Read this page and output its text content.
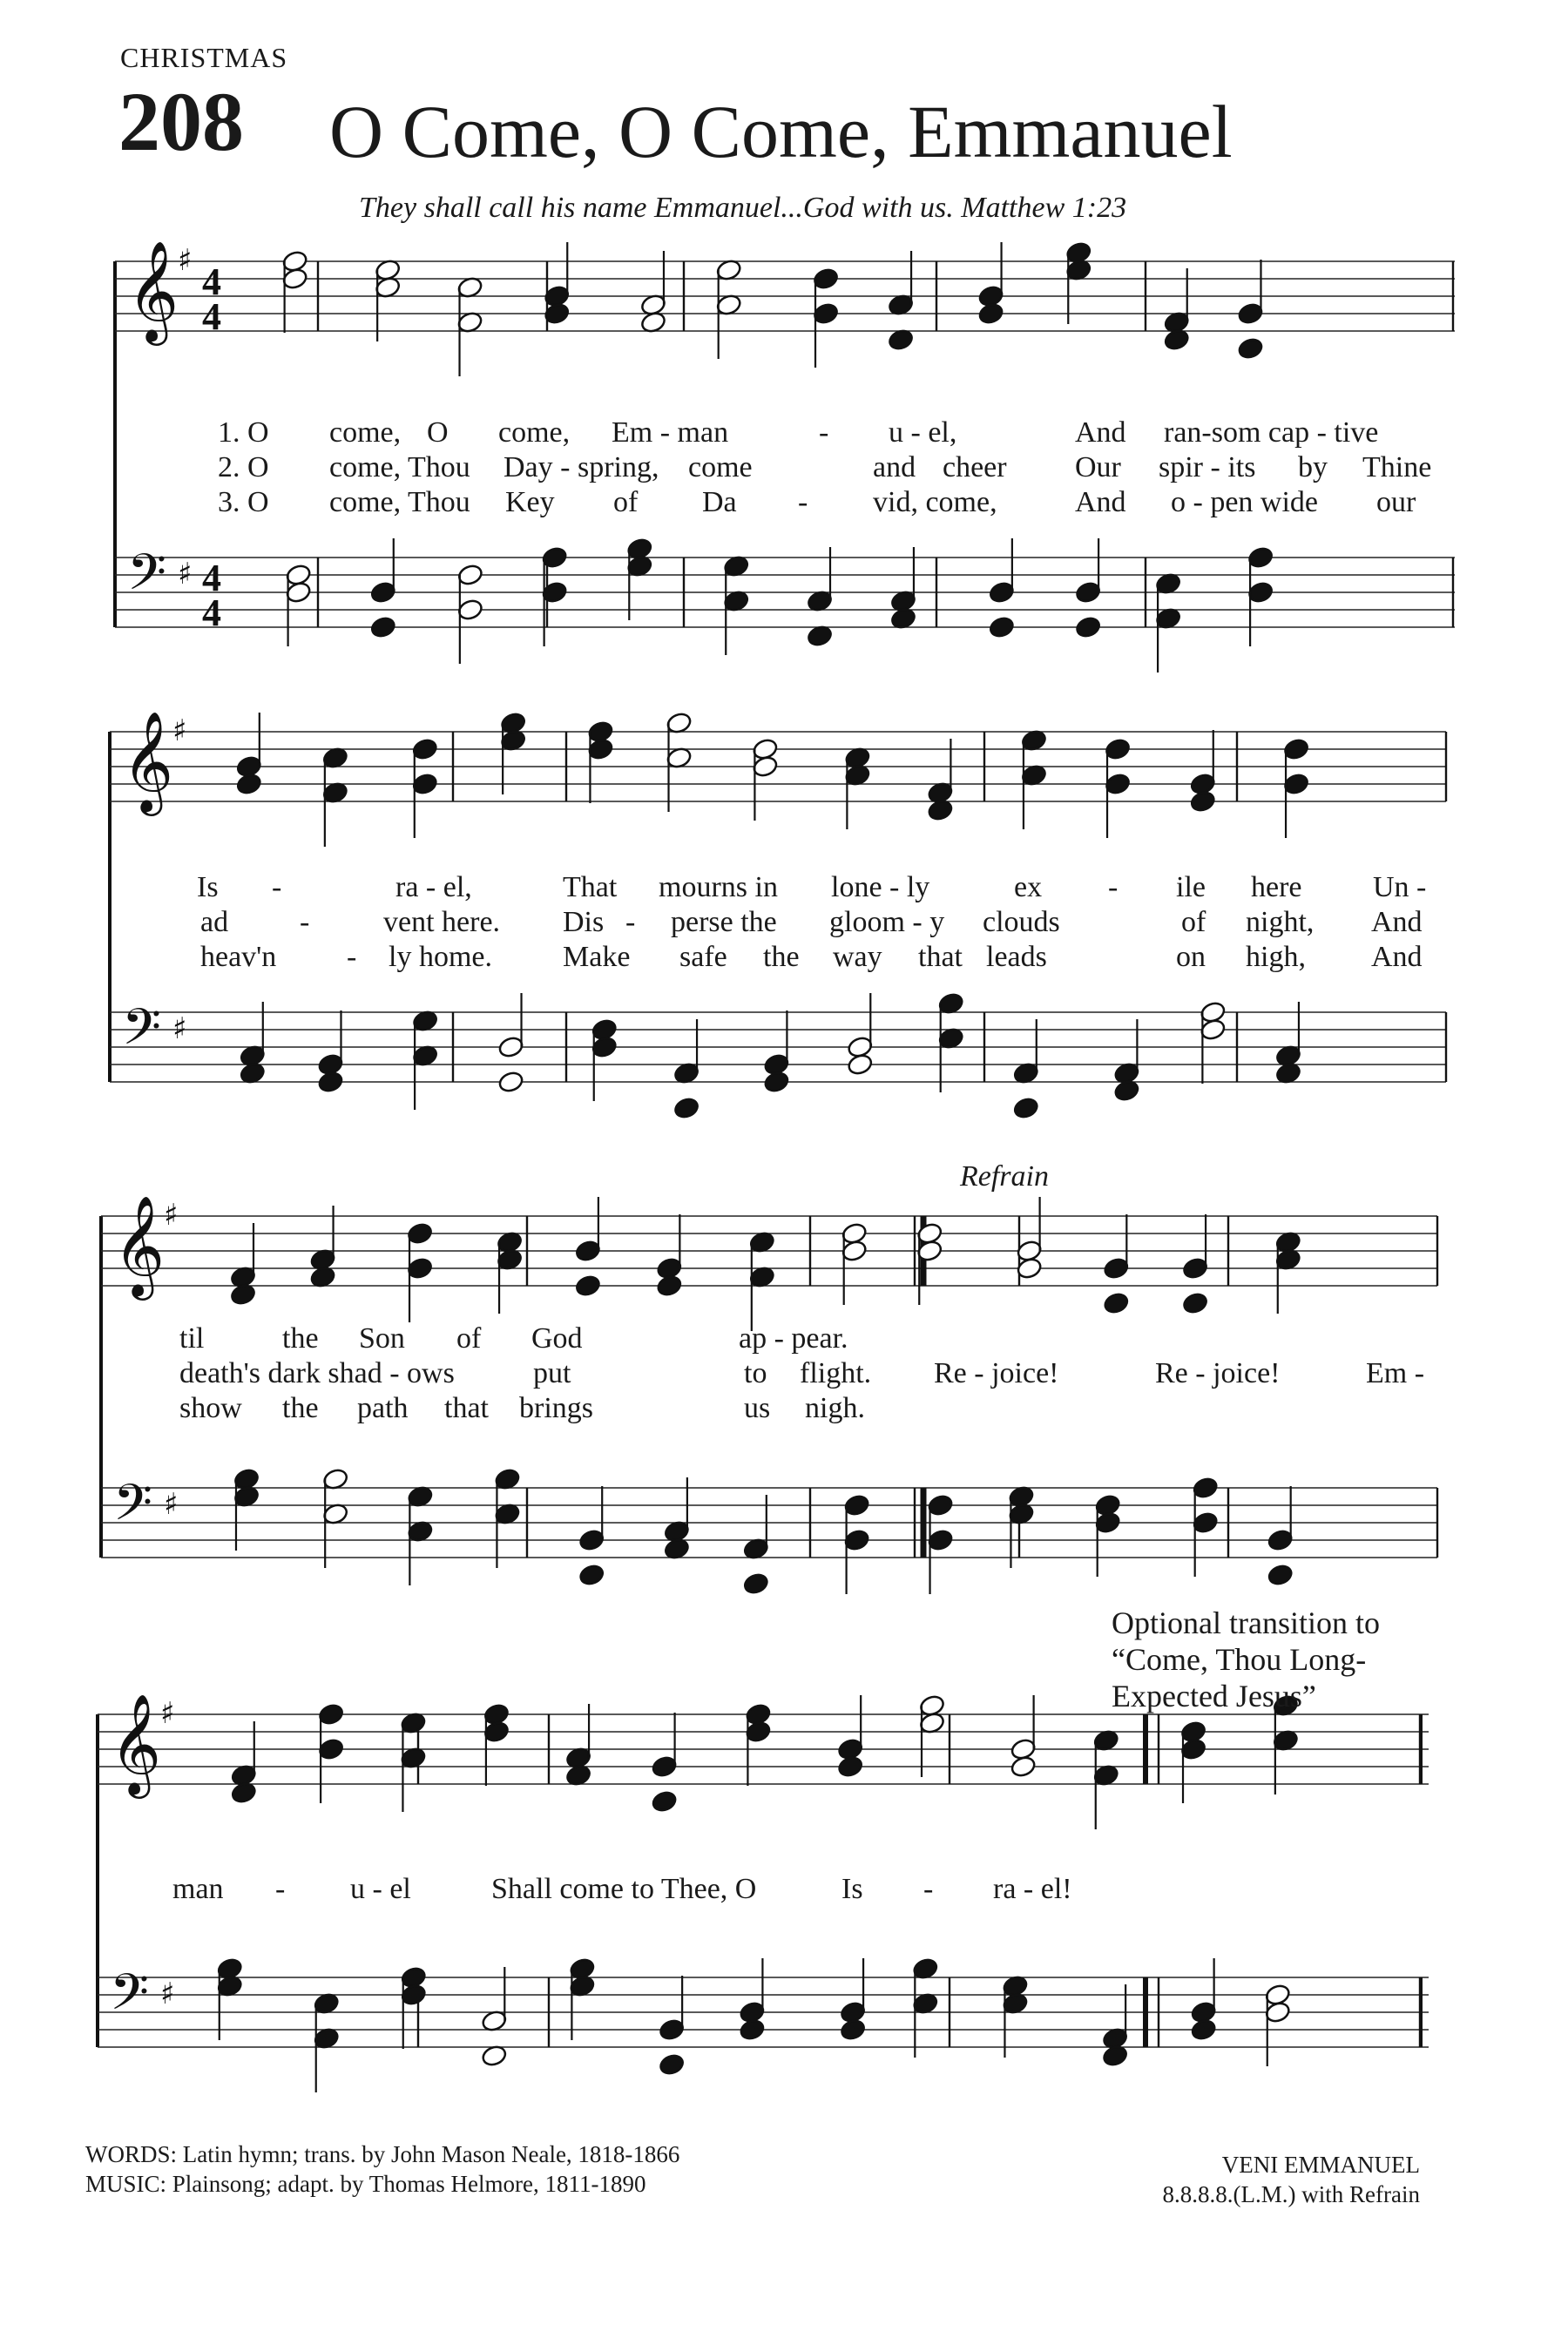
CHRISTMAS
208 O Come, O Come, Emmanuel
They shall call his name Emmanuel...God with us. Matthew 1:23
𝄞
♯ 4
4
𝄢 ♯ 4
4
𝄞
♯
𝄢 ♯
𝄞
♯
𝄢 ♯
𝄞
♯
𝄢 ♯
1. O come, O come, Em - man	- u - el,	And ran-som cap - tive
2. O come, Thou Day - spring, come	and cheer Our spir - its by Thine
3. O come, Thou Key of Da - vid, come,	And o - pen wide our
Is -	ra - el,	That mourns in lone - ly	ex - ile here Un -
ad - vent here. Dis - perse the gloom - y clouds	of night, And
heav'n - ly home. Make safe the way that leads	on high, And
til	the Son of God	ap - pear.
death's dark shad - ows	put	to flight. Re - joice!	Re - joice!	Em -
show the path that brings	us nigh.
man - u - el	Shall come to Thee, O	Is - ra - el!
Refrain
Optional transition to
“Come, Thou Long-
Expected Jesus”
WORDS: Latin hymn; trans. by John Mason Neale, 1818-1866
MUSIC: Plainsong; adapt. by Thomas Helmore, 1811-1890
VENI EMMANUEL
8.8.8.8.(L.M.) with Refrain
